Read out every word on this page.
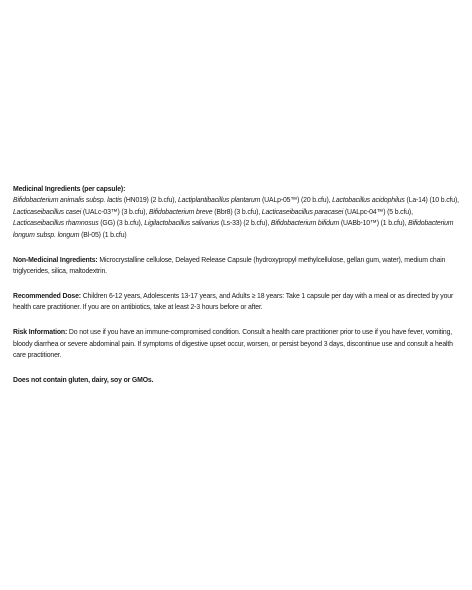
Medicinal Ingredients (per capsule):
Bifidobacterium animalis subsp. lactis (HN019) (2 b.cfu), Lactiplantibacillus plantarum (UALp-05™) (20 b.cfu), Lactobacillus acidophilus (La-14) (10 b.cfu), Lacticaseibacillus casei (UALc-03™) (3 b.cfu), Bifidobacterium breve (Bbr8) (3 b.cfu), Lacticaseibacillus paracasei (UALpc-04™) (5 b.cfu), Lacticaseibacillus rhamnosus (GG) (3 b.cfu), Ligilactobacillus salivarius (Ls-33) (2 b.cfu), Bifidobacterium bifidum (UABb-10™) (1 b.cfu), Bifidobacterium longum subsp. longum (Bl-05) (1 b.cfu)
Non-Medicinal Ingredients: Microcrystalline cellulose, Delayed Release Capsule (hydroxypropyl methylcellulose, gellan gum, water), medium chain triglycerides, silica, maltodextrin.
Recommended Dose: Children 6-12 years, Adolescents 13-17 years, and Adults ≥ 18 years: Take 1 capsule per day with a meal or as directed by your health care practitioner. If you are on antibiotics, take at least 2-3 hours before or after.
Risk Information: Do not use if you have an immune-compromised condition. Consult a health care practitioner prior to use if you have fever, vomiting, bloody diarrhea or severe abdominal pain. If symptoms of digestive upset occur, worsen, or persist beyond 3 days, discontinue use and consult a health care practitioner.
Does not contain gluten, dairy, soy or GMOs.
